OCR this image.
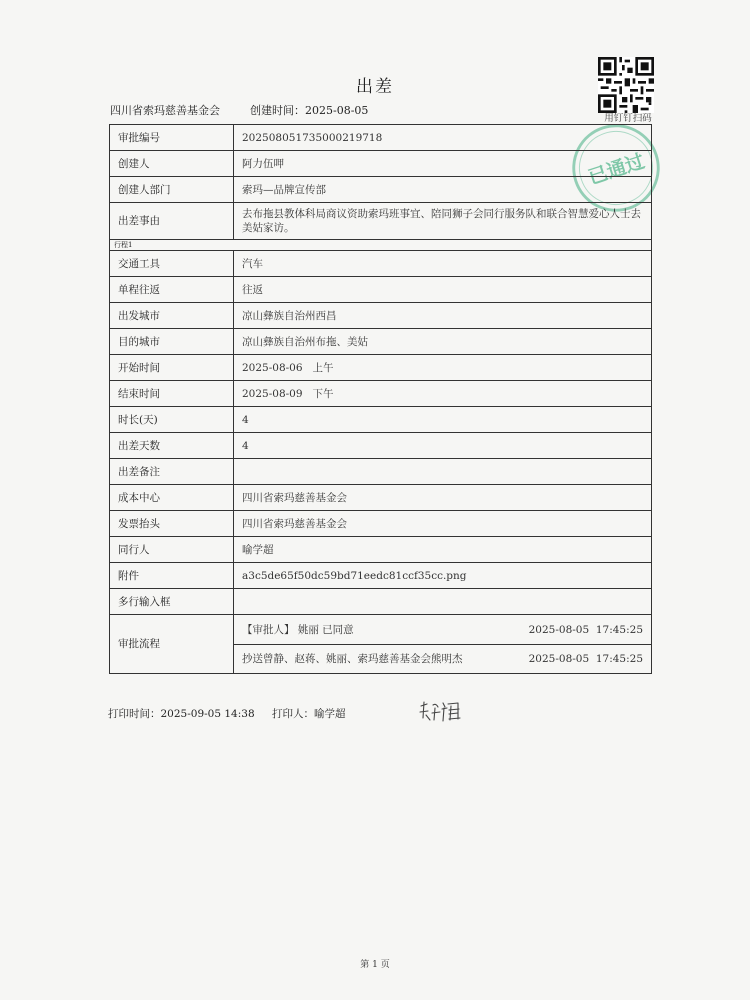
出差
四川省索玛慈善基金会	创建时间：2025-08-05
用钉钉扫码
已通过
审批编号	20250805173500021971​8
创建人	阿力伍呷
创建人部门	索玛—品牌宣传部
出差事由	去布拖县教体科局商议资助索玛班事宜、陪同狮子会同行服务队和联合智慧爱心人士去美姑家访。
行程1	
交通工具	汽车
单程往返	往返
出发城市	凉山彝族自治州西昌
目的城市	凉山彝族自治州布拖、美姑
开始时间	2025-08-06   上午
结束时间	2025-08-09   下午
时长(天)	4
出差天数	4
出差备注	
成本中心	四川省索玛慈善基金会
发票抬头	四川省索玛慈善基金会
同行人	喻学超
附件	a3c5de65f50dc59bd71eedc81ccf35cc.png
多行输入框	
审批流程	【审批人】 姚丽 已同意 2025-08-05  17:45:25
抄送曾静、赵蒋、姚丽、索玛慈善基金会熊明杰 2025-08-05  17:45:25
打印时间：2025-09-05 14:38 打印人：喻学超
第 1 页
